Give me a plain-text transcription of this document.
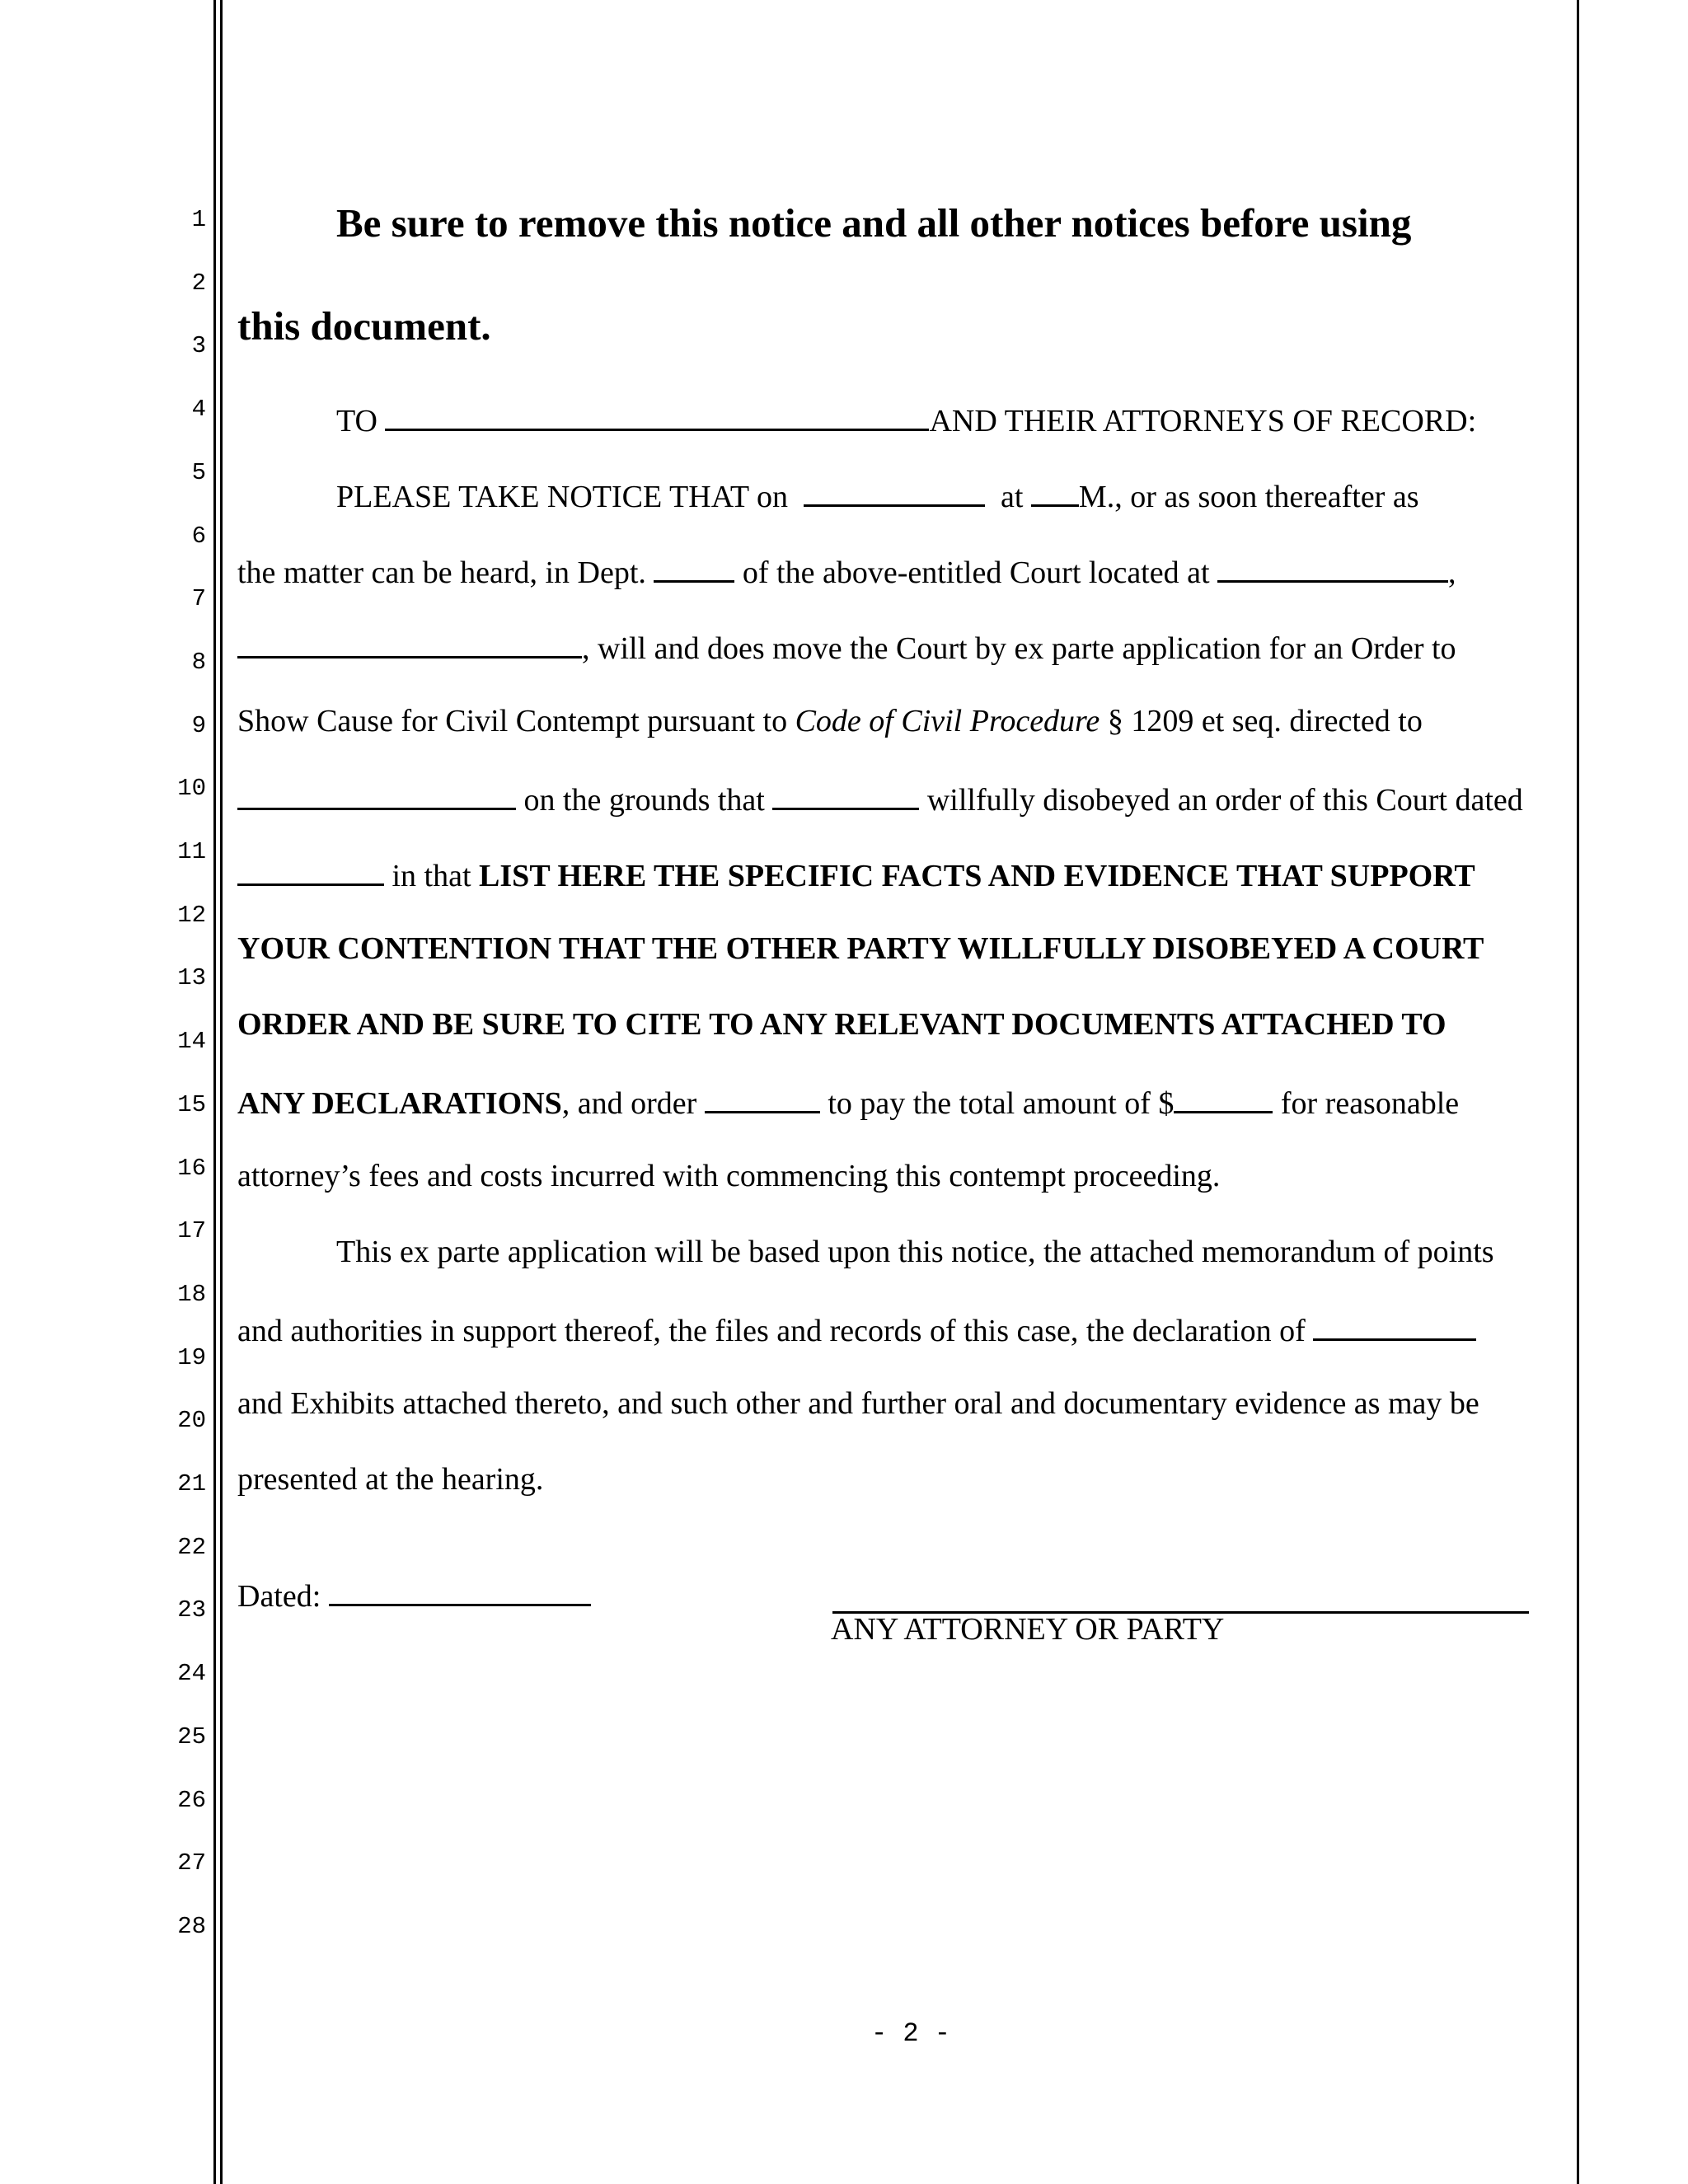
1
2
3
4
5
6
7
8
9
10
11
12
13
14
15
16
17
18
19
20
21
22
23
24
25
26
27
28
Be sure to remove this notice and all other notices before using
this document.
TO	AND THEIR ATTORNEYS OF RECORD:
PLEASE TAKE NOTICE THAT on	at M., or as soon thereafter as
the matter can be heard, in Dept.	of the above-entitled Court located at	,
, will and does move the Court by ex parte application for an Order to
Show Cause for Civil Contempt pursuant to Code of Civil Procedure § 1209 et seq. directed to
on the grounds that	willfully disobeyed an order of this Court dated
in that LIST HERE THE SPECIFIC FACTS AND EVIDENCE THAT SUPPORT
YOUR CONTENTION THAT THE OTHER PARTY WILLFULLY DISOBEYED A COURT
ORDER AND BE SURE TO CITE TO ANY RELEVANT DOCUMENTS ATTACHED TO
ANY DECLARATIONS, and order	to pay the total amount of $	for reasonable
attorney’s fees and costs incurred with commencing this contempt proceeding.
This ex parte application will be based upon this notice, the attached memorandum of points
and authorities in support thereof, the files and records of this case, the declaration of
and Exhibits attached thereto, and such other and further oral and documentary evidence as may be
presented at the hearing.
Dated:
ANY ATTORNEY OR PARTY
- 2 -
